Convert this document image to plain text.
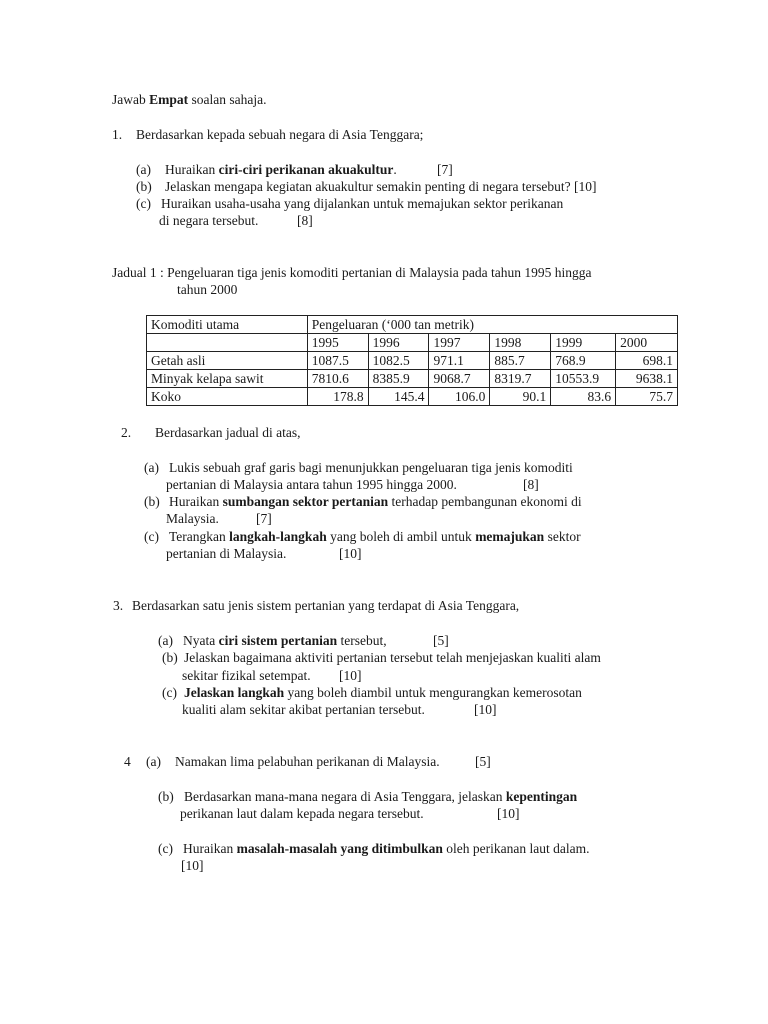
Jawab Empat soalan sahaja.
1. Berdasarkan kepada sebuah negara di Asia Tenggara;
(a) Huraikan ciri-ciri perikanan akuakultur.	[7]
(b) Jelaskan mengapa kegiatan akuakultur semakin penting di negara tersebut? [10]
(c) Huraikan usaha-usaha yang dijalankan untuk memajukan sektor perikanan
di negara tersebut.	[8]
Jadual 1 : Pengeluaran tiga jenis komoditi pertanian di Malaysia pada tahun 1995 hingga
tahun 2000
Komoditi utama	Pengeluaran (‘000 tan metrik)					
	1995	1996	1997	1998	1999	2000
Getah asli	1087.5	1082.5	971.1	885.7	768.9	698.1
Minyak kelapa sawit	7810.6	8385.9	9068.7	8319.7	10553.9	9638.1
Koko	178.8	145.4	106.0	90.1	83.6	75.7
2. Berdasarkan jadual di atas,
(a) Lukis sebuah graf garis bagi menunjukkan pengeluaran tiga jenis komoditi
pertanian di Malaysia antara tahun 1995 hingga 2000.	[8]
(b) Huraikan sumbangan sektor pertanian terhadap pembangunan ekonomi di
Malaysia.	[7]
(c) Terangkan langkah-langkah yang boleh di ambil untuk memajukan sektor
pertanian di Malaysia.	[10]
3. Berdasarkan satu jenis sistem pertanian yang terdapat di Asia Tenggara,
(a) Nyata ciri sistem pertanian tersebut,	[5]
(b) Jelaskan bagaimana aktiviti pertanian tersebut telah menjejaskan kualiti alam
sekitar fizikal setempat. [10]
(c) Jelaskan langkah yang boleh diambil untuk mengurangkan kemerosotan
kualiti alam sekitar akibat pertanian tersebut.	[10]
4 (a) Namakan lima pelabuhan perikanan di Malaysia.	[5]
(b) Berdasarkan mana-mana negara di Asia Tenggara, jelaskan kepentingan
perikanan laut dalam kepada negara tersebut.	[10]
(c) Huraikan masalah-masalah yang ditimbulkan oleh perikanan laut dalam.
[10]
